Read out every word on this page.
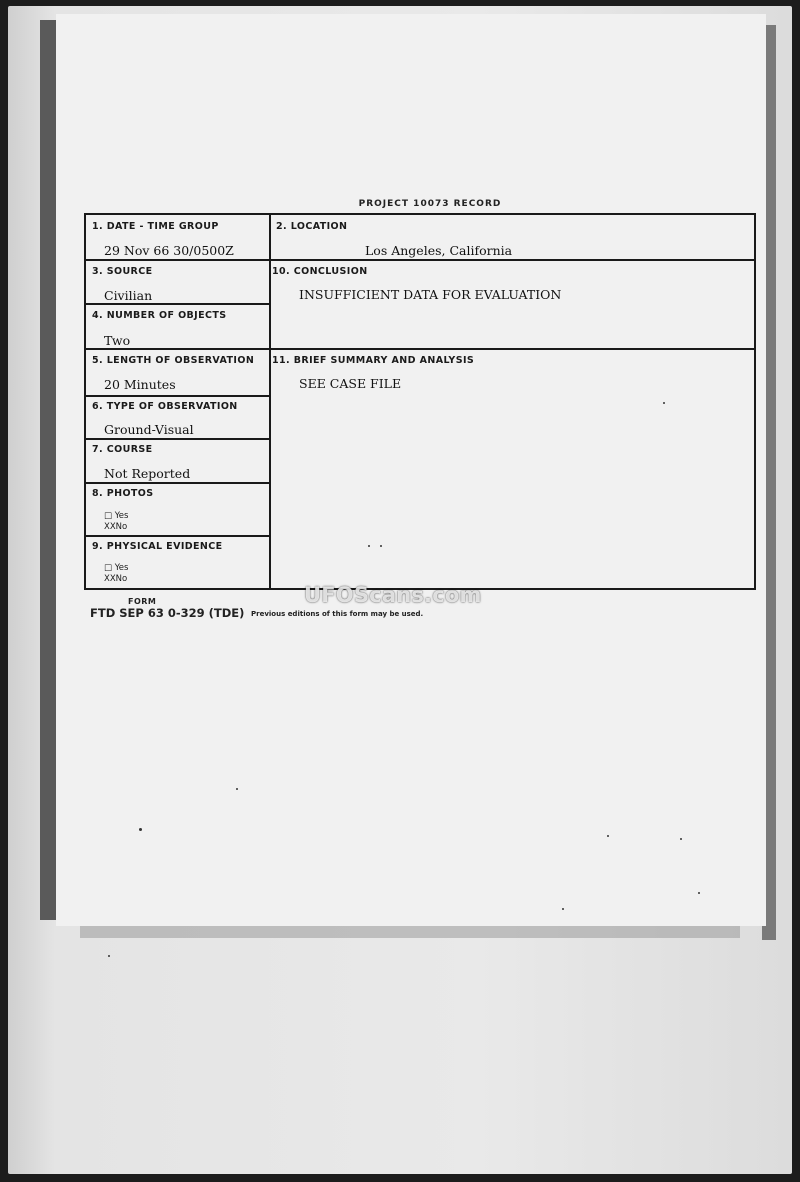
PROJECT 10073 RECORD
1. DATE - TIME GROUP
29 Nov 66 30/0500Z
2. LOCATION
Los Angeles, California
3. SOURCE
Civilian
10. CONCLUSION
INSUFFICIENT DATA FOR EVALUATION
4. NUMBER OF OBJECTS
Two
5. LENGTH OF OBSERVATION
20 Minutes
11. BRIEF SUMMARY AND ANALYSIS
SEE CASE FILE
6. TYPE OF OBSERVATION
Ground-Visual
7. COURSE
Not Reported
8. PHOTOS
□ Yes
XXNo
9. PHYSICAL EVIDENCE
□ Yes
XXNo
FORM
FTD SEP 63 0-329 (TDE) Previous editions of this form may be used.
UFOScans.com
